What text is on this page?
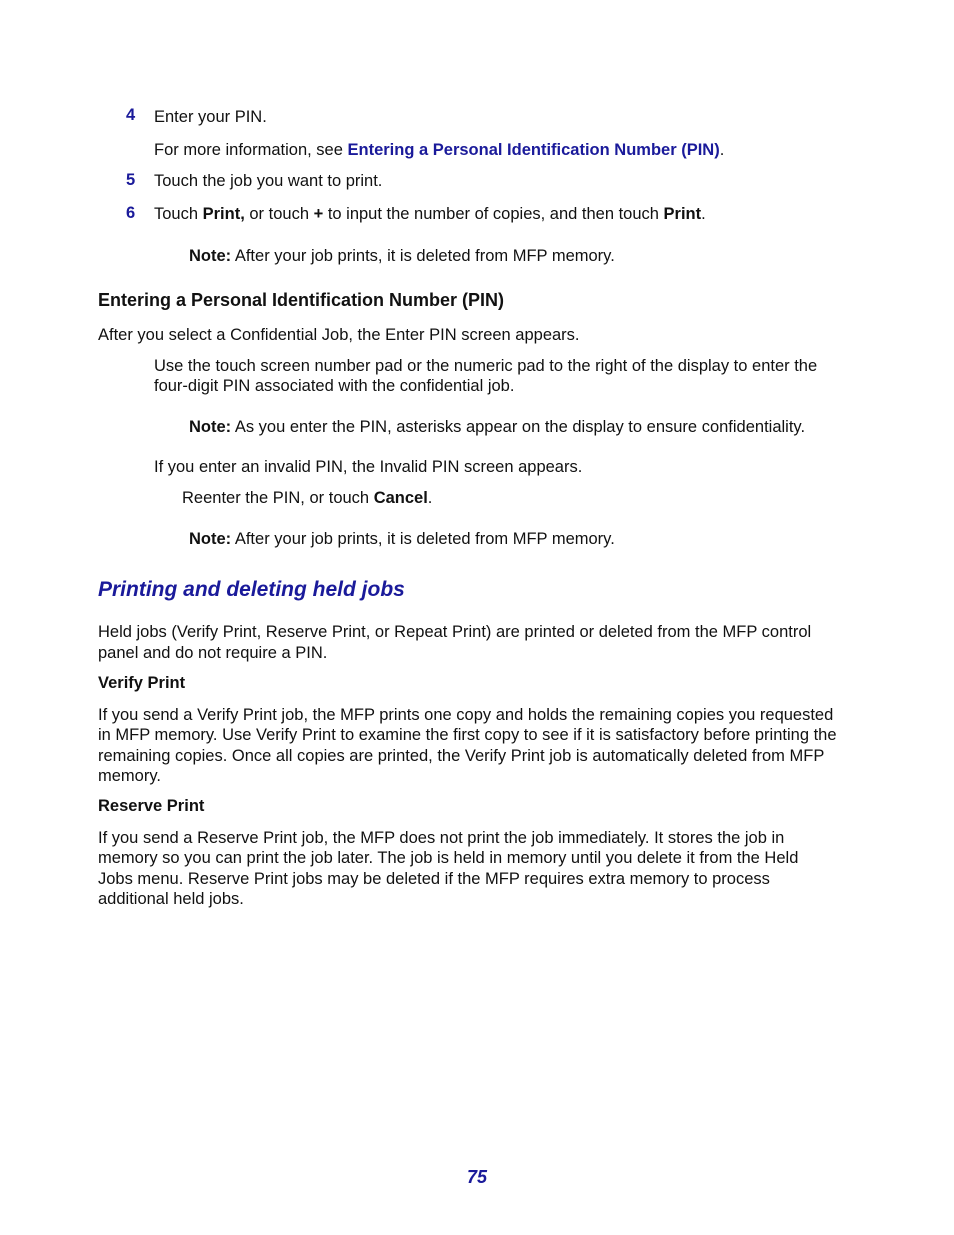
4 Enter your PIN.
For more information, see Entering a Personal Identification Number (PIN).
5 Touch the job you want to print.
6 Touch Print, or touch + to input the number of copies, and then touch Print.
Note: After your job prints, it is deleted from MFP memory.
Entering a Personal Identification Number (PIN)
After you select a Confidential Job, the Enter PIN screen appears.
Use the touch screen number pad or the numeric pad to the right of the display to enter the
four-digit PIN associated with the confidential job.
Note: As you enter the PIN, asterisks appear on the display to ensure confidentiality.
If you enter an invalid PIN, the Invalid PIN screen appears.
Reenter the PIN, or touch Cancel.
Note: After your job prints, it is deleted from MFP memory.
Printing and deleting held jobs
Held jobs (Verify Print, Reserve Print, or Repeat Print) are printed or deleted from the MFP control
panel and do not require a PIN.
Verify Print
If you send a Verify Print job, the MFP prints one copy and holds the remaining copies you requested
in MFP memory. Use Verify Print to examine the first copy to see if it is satisfactory before printing the
remaining copies. Once all copies are printed, the Verify Print job is automatically deleted from MFP
memory.
Reserve Print
If you send a Reserve Print job, the MFP does not print the job immediately. It stores the job in
memory so you can print the job later. The job is held in memory until you delete it from the Held
Jobs menu. Reserve Print jobs may be deleted if the MFP requires extra memory to process
additional held jobs.
75
